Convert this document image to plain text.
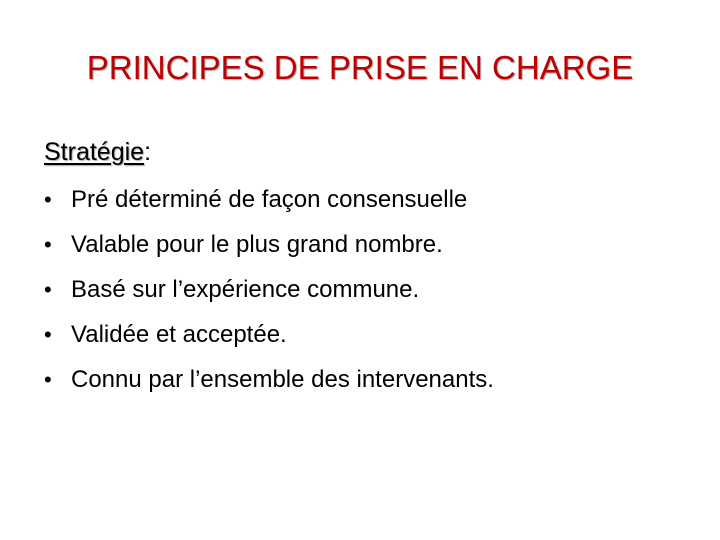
PRINCIPES DE PRISE EN CHARGE
Stratégie:
• Pré déterminé de façon consensuelle
• Valable pour le plus grand nombre.
• Basé sur l’expérience commune.
• Validée et acceptée.
• Connu par l’ensemble des intervenants.
